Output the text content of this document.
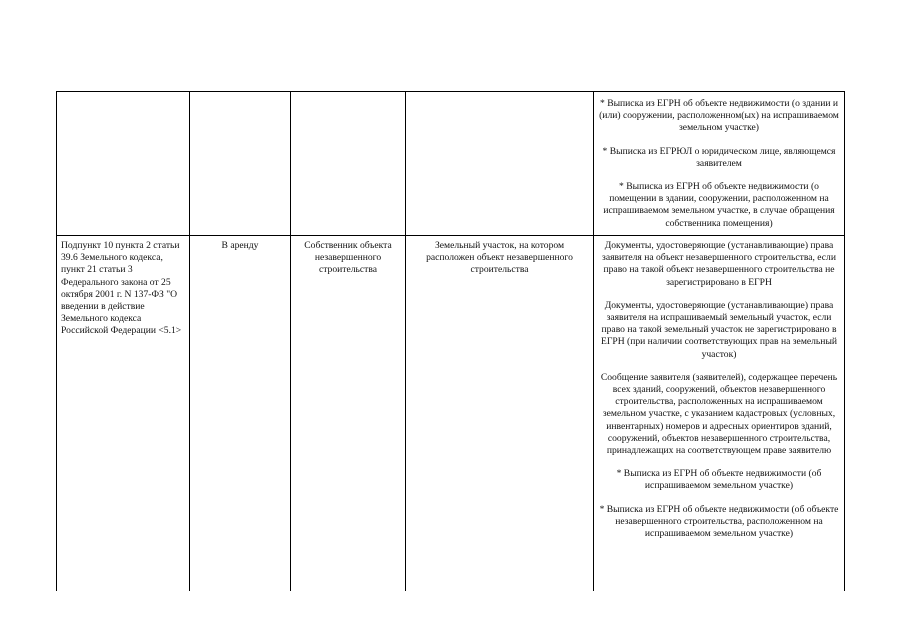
				* Выписка из ЕГРН об объекте недвижимости (о здании и (или) сооружении, расположенном(ых) на испрашиваемом земельном участке)

* Выписка из ЕГРЮЛ о юридическом лице, являющемся заявителем

* Выписка из ЕГРН об объекте недвижимости (о помещении в здании, сооружении, расположенном на испрашиваемом земельном участке, в случае обращения собственника помещения)

Подпункт 10 пункта 2 статьи 39.6 Земельного кодекса, пункт 21 статьи 3 Федерального закона от 25 октября 2001 г. N 137-ФЗ "О введении в действие Земельного кодекса Российской Федерации <5.1>	В аренду	Собственник объекта незавершенного строительства	Земельный участок, на котором расположен объект незавершенного строительства	Документы, удостоверяющие (устанавливающие) права заявителя на объект незавершенного строительства, если право на такой объект незавершенного строительства не зарегистрировано в ЕГРН

Документы, удостоверяющие (устанавливающие) права заявителя на испрашиваемый земельный участок, если право на такой земельный участок не зарегистрировано в ЕГРН (при наличии соответствующих прав на земельный участок)

Сообщение заявителя (заявителей), содержащее перечень всех зданий, сооружений, объектов незавершенного строительства, расположенных на испрашиваемом земельном участке, с указанием кадастровых (условных, инвентарных) номеров и адресных ориентиров зданий, сооружений, объектов незавершенного строительства, принадлежащих на соответствующем праве заявителю

* Выписка из ЕГРН об объекте недвижимости (об испрашиваемом земельном участке)

* Выписка из ЕГРН об объекте недвижимости (об объекте незавершенного строительства, расположенном на испрашиваемом земельном участке)
